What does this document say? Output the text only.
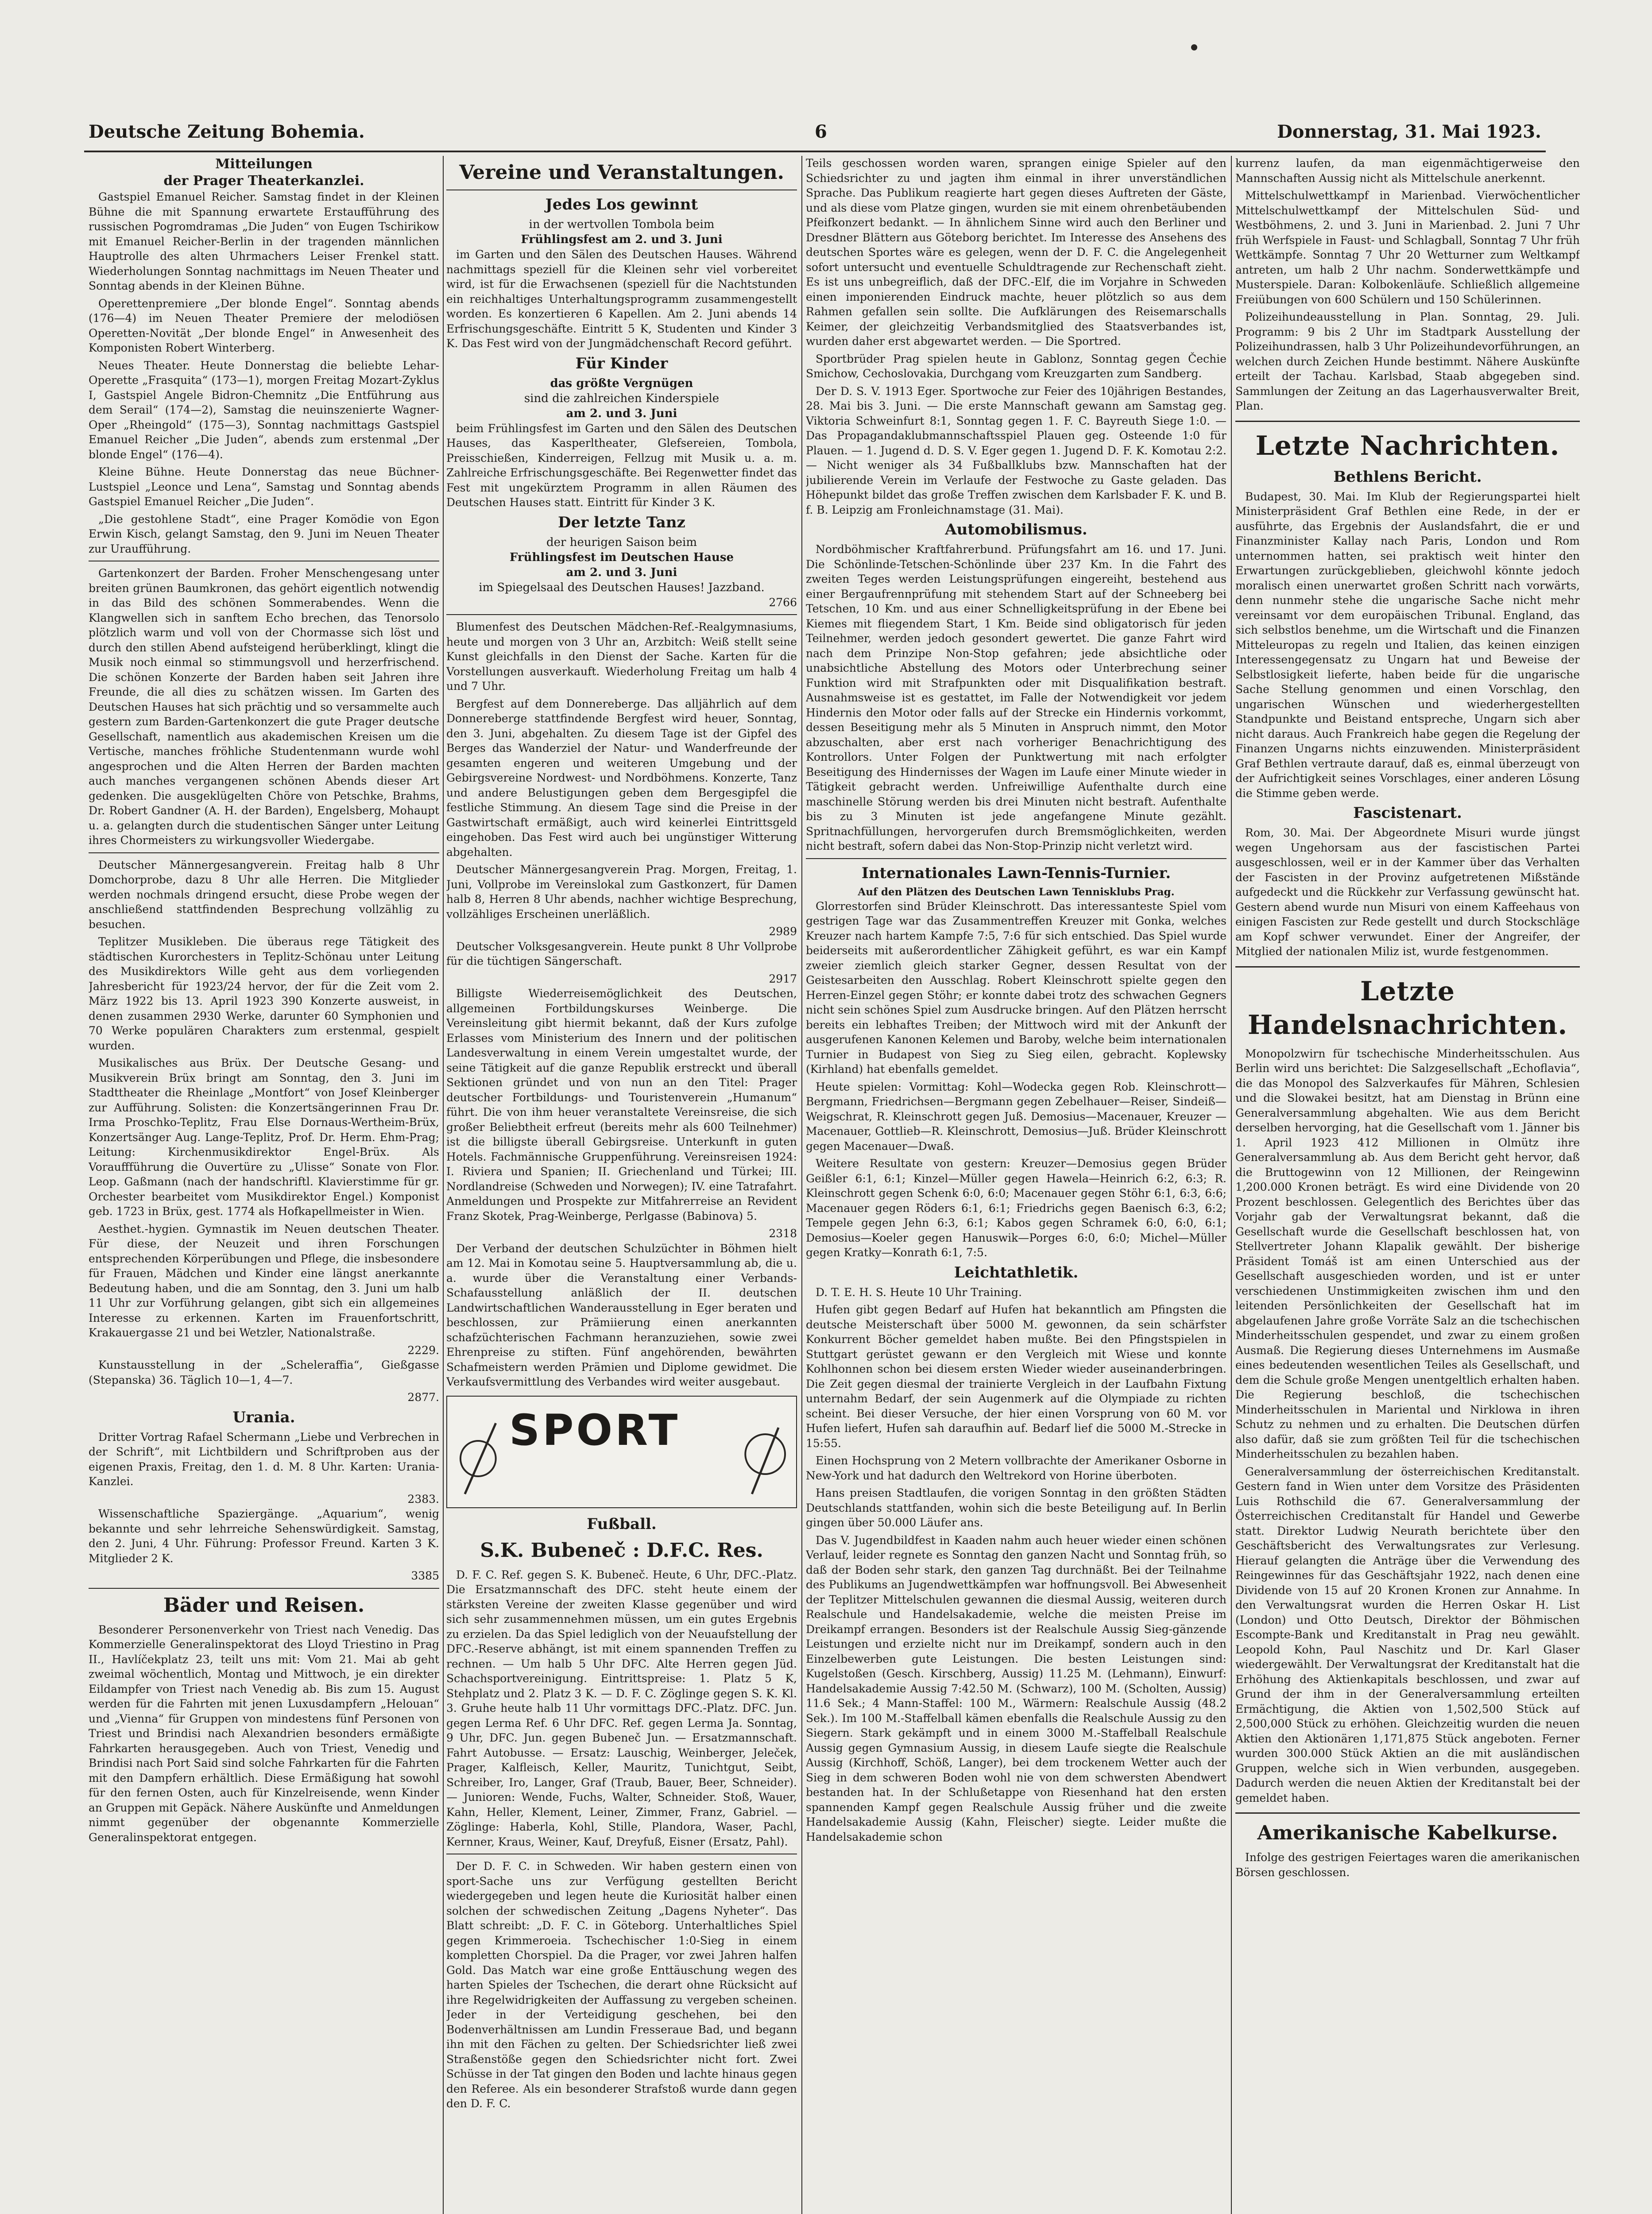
Deutsche Zeitung Bohemia.	6	Donnerstag, 31. Mai 1923.
Mitteilungen
der Prager Theaterkanzlei.

Gastspiel Emanuel Reicher. Samstag findet in der Kleinen Bühne die mit Spannung erwartete Erstaufführung des russischen Pogromdramas „Die Juden“ von Eugen Tschirikow mit Emanuel Reicher-Berlin in der tragenden männlichen Hauptrolle des alten Uhrmachers Leiser Frenkel statt. Wiederholungen Sonntag nachmittags im Neuen Theater und Sonntag abends in der Kleinen Bühne.

Operettenpremiere „Der blonde Engel“. Sonntag abends (176—4) im Neuen Theater Premiere der melodiösen Operetten-Novität „Der blonde Engel“ in Anwesenheit des Komponisten Robert Winterberg.

Neues Theater. Heute Donnerstag die beliebte Lehar-Operette „Frasquita“ (173—1), morgen Freitag Mozart-Zyklus I, Gastspiel Angele Bidron-Chemnitz „Die Entführung aus dem Serail“ (174—2), Samstag die neuinszenierte Wagner-Oper „Rheingold“ (175—3), Sonntag nachmittags Gastspiel Emanuel Reicher „Die Juden“, abends zum erstenmal „Der blonde Engel“ (176—4).

Kleine Bühne. Heute Donnerstag das neue Büchner-Lustspiel „Leonce und Lena“, Samstag und Sonntag abends Gastspiel Emanuel Reicher „Die Juden“.

„Die gestohlene Stadt“, eine Prager Komödie von Egon Erwin Kisch, gelangt Samstag, den 9. Juni im Neuen Theater zur Uraufführung.

Gartenkonzert der Barden. Froher Menschengesang unter breiten grünen Baumkronen, das gehört eigentlich notwendig in das Bild des schönen Sommerabendes. Wenn die Klangwellen sich in sanftem Echo brechen, das Tenorsolo plötzlich warm und voll von der Chormasse sich löst und durch den stillen Abend aufsteigend herüberklingt, klingt die Musik noch einmal so stimmungsvoll und herzerfrischend. Die schönen Konzerte der Barden haben seit Jahren ihre Freunde, die all dies zu schätzen wissen. Im Garten des Deutschen Hauses hat sich prächtig und so versammelte auch gestern zum Barden-Gartenkonzert die gute Prager deutsche Gesellschaft, namentlich aus akademischen Kreisen um die Vertische, manches fröhliche Studentenmann wurde wohl angesprochen und die Alten Herren der Barden machten auch manches vergangenen schönen Abends dieser Art gedenken. Die ausgeklügelten Chöre von Petschke, Brahms, Dr. Robert Gandner (A. H. der Barden), Engelsberg, Mohaupt u. a. gelangten durch die studentischen Sänger unter Leitung ihres Chormeisters zu wirkungsvoller Wiedergabe.

Deutscher Männergesangverein. Freitag halb 8 Uhr Domchorprobe, dazu 8 Uhr alle Herren. Die Mitglieder werden nochmals dringend ersucht, diese Probe wegen der anschließend stattfindenden Besprechung vollzählig zu besuchen.

Teplitzer Musikleben. Die überaus rege Tätigkeit des städtischen Kurorchesters in Teplitz-Schönau unter Leitung des Musikdirektors Wille geht aus dem vorliegenden Jahresbericht für 1923/24 hervor, der für die Zeit vom 2. März 1922 bis 13. April 1923 390 Konzerte ausweist, in denen zusammen 2930 Werke, darunter 60 Symphonien und 70 Werke populären Charakters zum erstenmal, gespielt wurden.

Musikalisches aus Brüx. Der Deutsche Gesang- und Musikverein Brüx bringt am Sonntag, den 3. Juni im Stadttheater die Rheinlage „Montfort“ von Josef Kleinberger zur Aufführung. Solisten: die Konzertsängerinnen Frau Dr. Irma Proschko-Teplitz, Frau Else Dornaus-Wertheim-Brüx, Konzertsänger Aug. Lange-Teplitz, Prof. Dr. Herm. Ehm-Prag; Leitung: Kirchenmusikdirektor Engel-Brüx. Als Vorauffführung die Ouvertüre zu „Ulisse“ Sonate von Flor. Leop. Gaßmann (nach der handschriftl. Klavierstimme für gr. Orchester bearbeitet vom Musikdirektor Engel.) Komponist geb. 1723 in Brüx, gest. 1774 als Hofkapellmeister in Wien.

Aesthet.-hygien. Gymnastik im Neuen deutschen Theater. Für diese, der Neuzeit und ihren Forschungen entsprechenden Körperübungen und Pflege, die insbesondere für Frauen, Mädchen und Kinder eine längst anerkannte Bedeutung haben, und die am Sonntag, den 3. Juni um halb 11 Uhr zur Vorführung gelangen, gibt sich ein allgemeines Interesse zu erkennen. Karten im Frauenfortschritt, Krakauergasse 21 und bei Wetzler, Nationalstraße.

2229.

Kunstausstellung in der „Scheleraffia“, Gießgasse (Stepanska) 36. Täglich 10—1, 4—7.

2877.
Urania.

Dritter Vortrag Rafael Schermann „Liebe und Verbrechen in der Schrift“, mit Lichtbildern und Schriftproben aus der eigenen Praxis, Freitag, den 1. d. M. 8 Uhr. Karten: Urania-Kanzlei.

2383.

Wissenschaftliche Spaziergänge. „Aquarium“, wenig bekannte und sehr lehrreiche Sehenswürdigkeit. Samstag, den 2. Juni, 4 Uhr. Führung: Professor Freund. Karten 3 K. Mitglieder 2 K.

3385
Bäder und Reisen.

Besonderer Personenverkehr von Triest nach Venedig. Das Kommerzielle Generalinspektorat des Lloyd Triestino in Prag II., Havlíčekplatz 23, teilt uns mit: Vom 21. Mai ab geht zweimal wöchentlich, Montag und Mittwoch, je ein direkter Eildampfer von Triest nach Venedig ab. Bis zum 15. August werden für die Fahrten mit jenen Luxusdampfern „Helouan“ und „Vienna“ für Gruppen von mindestens fünf Personen von Triest und Brindisi nach Alexandrien besonders ermäßigte Fahrkarten herausgegeben. Auch von Triest, Venedig und Brindisi nach Port Said sind solche Fahrkarten für die Fahrten mit den Dampfern erhältlich. Diese Ermäßigung hat sowohl für den fernen Osten, auch für Kinzelreisende, wenn Kinder an Gruppen mit Gepäck. Nähere Auskünfte und Anmeldungen nimmt gegenüber der obgenannte Kommerzielle Generalinspektorat entgegen.

Vereine und Veranstaltungen.
Jedes Los gewinnt
in der wertvollen Tombola beim
Frühlingsfest am 2. und 3. Juni

im Garten und den Sälen des Deutschen Hauses. Während nachmittags speziell für die Kleinen sehr viel vorbereitet wird, ist für die Erwachsenen (speziell für die Nachtstunden ein reichhaltiges Unterhaltungsprogramm zusammengestellt worden. Es konzertieren 6 Kapellen. Am 2. Juni abends 14 Erfrischungsgeschäfte. Eintritt 5 K, Studenten und Kinder 3 K. Das Fest wird von der Jungmädchenschaft Record geführt.

Für Kinder
das größte Vergnügen
sind die zahlreichen Kinderspiele
am 2. und 3. Juni

beim Frühlingsfest im Garten und den Sälen des Deutschen Hauses, das Kasperltheater, Glefsereien, Tombola, Preisschießen, Kinderreigen, Fellzug mit Musik u. a. m. Zahlreiche Erfrischungsgeschäfte. Bei Regenwetter findet das Fest mit ungekürztem Programm in allen Räumen des Deutschen Hauses statt. Eintritt für Kinder 3 K.

Der letzte Tanz
der heurigen Saison beim
Frühlingsfest im Deutschen Hause
am 2. und 3. Juni
im Spiegelsaal des Deutschen Hauses! Jazzband.
2766

Blumenfest des Deutschen Mädchen-Ref.-Realgymnasiums, heute und morgen von 3 Uhr an, Arzbitch: Weiß stellt seine Kunst gleichfalls in den Dienst der Sache. Karten für die Vorstellungen ausverkauft. Wiederholung Freitag um halb 4 und 7 Uhr.

Bergfest auf dem Donnereberge. Das alljährlich auf dem Donnereberge stattfindende Bergfest wird heuer, Sonntag, den 3. Juni, abgehalten. Zu diesem Tage ist der Gipfel des Berges das Wanderziel der Natur- und Wanderfreunde der gesamten engeren und weiteren Umgebung und der Gebirgsvereine Nordwest- und Nordböhmens. Konzerte, Tanz und andere Belustigungen geben dem Bergesgipfel die festliche Stimmung. An diesem Tage sind die Preise in der Gastwirtschaft ermäßigt, auch wird keinerlei Eintrittsgeld eingehoben. Das Fest wird auch bei ungünstiger Witterung abgehalten.

Deutscher Männergesangverein Prag. Morgen, Freitag, 1. Juni, Vollprobe im Vereinslokal zum Gastkonzert, für Damen halb 8, Herren 8 Uhr abends, nachher wichtige Besprechung, vollzähliges Erscheinen unerläßlich.

2989

Deutscher Volksgesangverein. Heute punkt 8 Uhr Vollprobe für die tüchtigen Sängerschaft.

2917

Billigste Wiederreisemöglichkeit des Deutschen, allgemeinen Fortbildungskurses Weinberge. Die Vereinsleitung gibt hiermit bekannt, daß der Kurs zufolge Erlasses vom Ministerium des Innern und der politischen Landesverwaltung in einem Verein umgestaltet wurde, der seine Tätigkeit auf die ganze Republik erstreckt und überall Sektionen gründet und von nun an den Titel: Prager deutscher Fortbildungs- und Touristenverein „Humanum“ führt. Die von ihm heuer veranstaltete Vereinsreise, die sich großer Beliebtheit erfreut (bereits mehr als 600 Teilnehmer) ist die billigste überall Gebirgsreise. Unterkunft in guten Hotels. Fachmännische Gruppenführung. Vereinsreisen 1924: I. Riviera und Spanien; II. Griechenland und Türkei; III. Nordlandreise (Schweden und Norwegen); IV. eine Tatrafahrt. Anmeldungen und Prospekte zur Mitfahrerreise an Revident Franz Skotek, Prag-Weinberge, Perlgasse (Babinova) 5.

2318

Der Verband der deutschen Schulzüchter in Böhmen hielt am 12. Mai in Komotau seine 5. Hauptversammlung ab, die u. a. wurde über die Veranstaltung einer Verbands-Schafausstellung anläßlich der II. deutschen Landwirtschaftlichen Wanderausstellung in Eger beraten und beschlossen, zur Prämiierung einen anerkannten schafzüchterischen Fachmann heranzuziehen, sowie zwei Ehrenpreise zu stiften. Fünf angehörenden, bewährten Schafmeistern werden Prämien und Diplome gewidmet. Die Verkaufsvermittlung des Verbandes wird weiter ausgebaut.

SPORT
Fußball.
S.K. Bubeneč : D.F.C. Res.

D. F. C. Ref. gegen S. K. Bubeneč. Heute, 6 Uhr, DFC.-Platz. Die Ersatzmannschaft des DFC. steht heute einem der stärksten Vereine der zweiten Klasse gegenüber und wird sich sehr zusammennehmen müssen, um ein gutes Ergebnis zu erzielen. Da das Spiel lediglich von der Neuaufstellung der DFC.-Reserve abhängt, ist mit einem spannenden Treffen zu rechnen. — Um halb 5 Uhr DFC. Alte Herren gegen Jüd. Schachsportvereinigung. Eintrittspreise: 1. Platz 5 K, Stehplatz und 2. Platz 3 K. — D. F. C. Zöglinge gegen S. K. Kl. 3. Gruhe heute halb 11 Uhr vormittags DFC.-Platz. DFC. Jun. gegen Lerma Ref. 6 Uhr DFC. Ref. gegen Lerma Ja. Sonntag, 9 Uhr, DFC. Jun. gegen Bubeneč Jun. — Ersatzmannschaft. Fahrt Autobusse. — Ersatz: Lauschig, Weinberger, Jeleček, Prager, Kalfleisch, Keller, Mauritz, Tunichtgut, Seibt, Schreiber, Iro, Langer, Graf (Traub, Bauer, Beer, Schneider). — Junioren: Wende, Fuchs, Walter, Schneider. Stoß, Wauer, Kahn, Heller, Klement, Leiner, Zimmer, Franz, Gabriel. — Zöglinge: Haberla, Kohl, Stille, Plandora, Waser, Pachl, Kernner, Kraus, Weiner, Kauf, Dreyfuß, Eisner (Ersatz, Pahl).

Der D. F. C. in Schweden. Wir haben gestern einen von sport-Sache uns zur Verfügung gestellten Bericht wiedergegeben und legen heute die Kuriosität halber einen solchen der schwedischen Zeitung „Dagens Nyheter“. Das Blatt schreibt: „D. F. C. in Göteborg. Unterhaltliches Spiel gegen Krimmeroeia. Tschechischer 1:0-Sieg in einem kompletten Chorspiel. Da die Prager, vor zwei Jahren halfen Gold. Das Match war eine große Enttäuschung wegen des harten Spieles der Tschechen, die derart ohne Rücksicht auf ihre Regelwidrigkeiten der Auffassung zu vergeben scheinen. Jeder in der Verteidigung geschehen, bei den Bodenverhältnissen am Lundin Fresseraue Bad, und begann ihn mit den Fächen zu gelten. Der Schiedsrichter ließ zwei Straßenstöße gegen den Schiedsrichter nicht fort. Zwei Schüsse in der Tat gingen den Boden und lachte hinaus gegen den Referee. Als ein besonderer Strafstoß wurde dann gegen den D. F. C.

Teils geschossen worden waren, sprangen einige Spieler auf den Schiedsrichter zu und jagten ihm einmal in ihrer unverständlichen Sprache. Das Publikum reagierte hart gegen dieses Auftreten der Gäste, und als diese vom Platze gingen, wurden sie mit einem ohrenbetäubenden Pfeifkonzert bedankt. — In ähnlichem Sinne wird auch den Berliner und Dresdner Blättern aus Göteborg berichtet. Im Interesse des Ansehens des deutschen Sportes wäre es gelegen, wenn der D. F. C. die Angelegenheit sofort untersucht und eventuelle Schuldtragende zur Rechenschaft zieht. Es ist uns unbegreiflich, daß der DFC.-Elf, die im Vorjahre in Schweden einen imponierenden Eindruck machte, heuer plötzlich so aus dem Rahmen gefallen sein sollte. Die Aufklärungen des Reisemarschalls Keimer, der gleichzeitig Verbandsmitglied des Staatsverbandes ist, wurden daher erst abgewartet werden. — Die Sportred.

Sportbrüder Prag spielen heute in Gablonz, Sonntag gegen Čechie Smichow, Cechoslovakia, Durchgang vom Kreuzgarten zum Sandberg.

Der D. S. V. 1913 Eger. Sportwoche zur Feier des 10jährigen Bestandes, 28. Mai bis 3. Juni. — Die erste Mannschaft gewann am Samstag geg. Viktoria Schweinfurt 8:1, Sonntag gegen 1. F. C. Bayreuth Siege 1:0. — Das Propagandaklubmannschaftsspiel Plauen geg. Osteende 1:0 für Plauen. — 1. Jugend d. D. S. V. Eger gegen 1. Jugend D. F. K. Komotau 2:2. — Nicht weniger als 34 Fußballklubs bzw. Mannschaften hat der jubilierende Verein im Verlaufe der Festwoche zu Gaste geladen. Das Höhepunkt bildet das große Treffen zwischen dem Karlsbader F. K. und B. f. B. Leipzig am Fronleichnamstage (31. Mai).

Automobilismus.

Nordböhmischer Kraftfahrerbund. Prüfungsfahrt am 16. und 17. Juni. Die Schönlinde-Tetschen-Schönlinde über 237 Km. In die Fahrt des zweiten Teges werden Leistungsprüfungen eingereiht, bestehend aus einer Bergaufrennprüfung mit stehendem Start auf der Schneeberg bei Tetschen, 10 Km. und aus einer Schnelligkeitsprüfung in der Ebene bei Kiemes mit fliegendem Start, 1 Km. Beide sind obligatorisch für jeden Teilnehmer, werden jedoch gesondert gewertet. Die ganze Fahrt wird nach dem Prinzipe Non-Stop gefahren; jede absichtliche oder unabsichtliche Abstellung des Motors oder Unterbrechung seiner Funktion wird mit Strafpunkten oder mit Disqualifikation bestraft. Ausnahmsweise ist es gestattet, im Falle der Notwendigkeit vor jedem Hindernis den Motor oder falls auf der Strecke ein Hindernis vorkommt, dessen Beseitigung mehr als 5 Minuten in Anspruch nimmt, den Motor abzuschalten, aber erst nach vorheriger Benachrichtigung des Kontrollors. Unter Folgen der Punktwertung mit nach erfolgter Beseitigung des Hindernisses der Wagen im Laufe einer Minute wieder in Tätigkeit gebracht werden. Unfreiwillige Aufenthalte durch eine maschinelle Störung werden bis drei Minuten nicht bestraft. Aufenthalte bis zu 3 Minuten ist jede angefangene Minute gezählt. Spritnachfüllungen, hervorgerufen durch Bremsmöglichkeiten, werden nicht bestraft, sofern dabei das Non-Stop-Prinzip nicht verletzt wird.

Internationales Lawn-Tennis-Turnier.
Auf den Plätzen des Deutschen Lawn Tennisklubs Prag.

Glorrestorfen sind Brüder Kleinschrott. Das interessanteste Spiel vom gestrigen Tage war das Zusammentreffen Kreuzer mit Gonka, welches Kreuzer nach hartem Kampfe 7:5, 7:6 für sich entschied. Das Spiel wurde beiderseits mit außerordentlicher Zähigkeit geführt, es war ein Kampf zweier ziemlich gleich starker Gegner, dessen Resultat von der Geistesarbeiten den Ausschlag. Robert Kleinschrott spielte gegen den Herren-Einzel gegen Stöhr; er konnte dabei trotz des schwachen Gegners nicht sein schönes Spiel zum Ausdrucke bringen. Auf den Plätzen herrscht bereits ein lebhaftes Treiben; der Mittwoch wird mit der Ankunft der ausgerufenen Kanonen Kelemen und Baroby, welche beim internationalen Turnier in Budapest von Sieg zu Sieg eilen, gebracht. Koplewsky (Kirhland) hat ebenfalls gemeldet.

Heute spielen: Vormittag: Kohl—Wodecka gegen Rob. Kleinschrott—Bergmann, Friedrichsen—Bergmann gegen Zebelhauer—Reiser, Sindeiß—Weigschrat, R. Kleinschrott gegen Juß. Demosius—Macenauer, Kreuzer —Macenauer, Gottlieb—R. Kleinschrott, Demosius—Juß. Brüder Kleinschrott gegen Macenauer—Dwaß.

Weitere Resultate von gestern: Kreuzer—Demosius gegen Brüder Geißler 6:1, 6:1; Kinzel—Müller gegen Hawela—Heinrich 6:2, 6:3; R. Kleinschrott gegen Schenk 6:0, 6:0; Macenauer gegen Stöhr 6:1, 6:3, 6:6; Macenauer gegen Röders 6:1, 6:1; Friedrichs gegen Baenisch 6:3, 6:2; Tempele gegen Jehn 6:3, 6:1; Kabos gegen Schramek 6:0, 6:0, 6:1; Demosius—Koeler gegen Hanuswik—Porges 6:0, 6:0; Michel—Müller gegen Kratky—Konrath 6:1, 7:5.

Leichtathletik.

D. T. E. H. S. Heute 10 Uhr Training.

Hufen gibt gegen Bedarf auf Hufen hat bekanntlich am Pfingsten die deutsche Meisterschaft über 5000 M. gewonnen, da sein schärfster Konkurrent Böcher gemeldet haben mußte. Bei den Pfingstspielen in Stuttgart gerüstet gewann er den Vergleich mit Wiese und konnte Kohlhonnen schon bei diesem ersten Wieder wieder auseinanderbringen. Die Zeit gegen diesmal der trainierte Vergleich in der Laufbahn Fixtung unternahm Bedarf, der sein Augenmerk auf die Olympiade zu richten scheint. Bei dieser Versuche, der hier einen Vorsprung von 60 M. vor Hufen liefert, Hufen sah daraufhin auf. Bedarf lief die 5000 M.-Strecke in 15:55.

Einen Hochsprung von 2 Metern vollbrachte der Amerikaner Osborne in New-York und hat dadurch den Weltrekord von Horine überboten.

Hans preisen Stadtlaufen, die vorigen Sonntag in den größten Städten Deutschlands stattfanden, wohin sich die beste Beteiligung auf. In Berlin gingen über 50.000 Läufer ans.

Das V. Jugendbildfest in Kaaden nahm auch heuer wieder einen schönen Verlauf, leider regnete es Sonntag den ganzen Nacht und Sonntag früh, so daß der Boden sehr stark, den ganzen Tag durchnäßt. Bei der Teilnahme des Publikums an Jugendwettkämpfen war hoffnungsvoll. Bei Abwesenheit der Teplitzer Mittelschulen gewannen die diesmal Aussig, weiteren durch Realschule und Handelsakademie, welche die meisten Preise im Dreikampf errangen. Besonders ist der Realschule Aussig Sieg-gänzende Leistungen und erzielte nicht nur im Dreikampf, sondern auch in den Einzelbewerben gute Leistungen. Die besten Leistungen sind: Kugelstoßen (Gesch. Kirschberg, Aussig) 11.25 M. (Lehmann), Einwurf: Handelsakademie Aussig 7:42.50 M. (Schwarz), 100 M. (Scholten, Aussig) 11.6 Sek.; 4 Mann-Staffel: 100 M., Wärmern: Realschule Aussig (48.2 Sek.). Im 100 M.-Staffelball kämen ebenfalls die Realschule Aussig zu den Siegern. Stark gekämpft und in einem 3000 M.-Staffelball Realschule Aussig gegen Gymnasium Aussig, in diesem Laufe siegte die Realschule Aussig (Kirchhoff, Schöß, Langer), bei dem trockenem Wetter auch der Sieg in dem schweren Boden wohl nie von dem schwersten Abendwert bestanden hat. In der Schlußetappe von Riesenhand hat den ersten spannenden Kampf gegen Realschule Aussig früher und die zweite Handelsakademie Aussig (Kahn, Fleischer) siegte. Leider mußte die Handelsakademie schon

kurrenz laufen, da man eigenmächtigerweise den Mannschaften Aussig nicht als Mittelschule anerkennt.

Mittelschulwettkampf in Marienbad. Vierwöchentlicher Mittelschulwettkampf der Mittelschulen Süd- und Westböhmens, 2. und 3. Juni in Marienbad. 2. Juni 7 Uhr früh Werfspiele in Faust- und Schlagball, Sonntag 7 Uhr früh Wettkämpfe. Sonntag 7 Uhr 20 Wetturner zum Weltkampf antreten, um halb 2 Uhr nachm. Sonderwettkämpfe und Musterspiele. Daran: Kolbokenläufe. Schließlich allgemeine Freiübungen von 600 Schülern und 150 Schülerinnen.

Polizeihundeausstellung in Plan. Sonntag, 29. Juli. Programm: 9 bis 2 Uhr im Stadtpark Ausstellung der Polizeihundrassen, halb 3 Uhr Polizeihundevorführungen, an welchen durch Zeichen Hunde bestimmt. Nähere Auskünfte erteilt der Tachau. Karlsbad, Staab abgegeben sind. Sammlungen der Zeitung an das Lagerhausverwalter Breit, Plan.

Letzte Nachrichten.
Bethlens Bericht.

Budapest, 30. Mai. Im Klub der Regierungspartei hielt Ministerpräsident Graf Bethlen eine Rede, in der er ausführte, das Ergebnis der Auslandsfahrt, die er und Finanzminister Kallay nach Paris, London und Rom unternommen hatten, sei praktisch weit hinter den Erwartungen zurückgeblieben, gleichwohl könnte jedoch moralisch einen unerwartet großen Schritt nach vorwärts, denn nunmehr stehe die ungarische Sache nicht mehr vereinsamt vor dem europäischen Tribunal. England, das sich selbstlos benehme, um die Wirtschaft und die Finanzen Mitteleuropas zu regeln und Italien, das keinen einzigen Interessengegensatz zu Ungarn hat und Beweise der Selbstlosigkeit lieferte, haben beide für die ungarische Sache Stellung genommen und einen Vorschlag, den ungarischen Wünschen und wiederhergestellten Standpunkte und Beistand entspreche, Ungarn sich aber nicht daraus. Auch Frankreich habe gegen die Regelung der Finanzen Ungarns nichts einzuwenden. Ministerpräsident Graf Bethlen vertraute darauf, daß es, einmal überzeugt von der Aufrichtigkeit seines Vorschlages, einer anderen Lösung die Stimme geben werde.

Fascistenart.

Rom, 30. Mai. Der Abgeordnete Misuri wurde jüngst wegen Ungehorsam aus der fascistischen Partei ausgeschlossen, weil er in der Kammer über das Verhalten der Fascisten in der Provinz aufgetretenen Mißstände aufgedeckt und die Rückkehr zur Verfassung gewünscht hat. Gestern abend wurde nun Misuri von einem Kaffeehaus von einigen Fascisten zur Rede gestellt und durch Stockschläge am Kopf schwer verwundet. Einer der Angreifer, der Mitglied der nationalen Miliz ist, wurde festgenommen.

Letzte Handelsnachrichten.

Monopolzwirn für tschechische Minderheitsschulen. Aus Berlin wird uns berichtet: Die Salzgesellschaft „Echoflavia“, die das Monopol des Salzverkaufes für Mähren, Schlesien und die Slowakei besitzt, hat am Dienstag in Brünn eine Generalversammlung abgehalten. Wie aus dem Bericht derselben hervorging, hat die Gesellschaft vom 1. Jänner bis 1. April 1923 412 Millionen in Olmütz ihre Generalversammlung ab. Aus dem Bericht geht hervor, daß die Bruttogewinn von 12 Millionen, der Reingewinn 1,200.000 Kronen beträgt. Es wird eine Dividende von 20 Prozent beschlossen. Gelegentlich des Berichtes über das Vorjahr gab der Verwaltungsrat bekannt, daß die Gesellschaft wurde die Gesellschaft beschlossen hat, von Stellvertreter Johann Klapalik gewählt. Der bisherige Präsident Tomáš ist am einen Unterschied aus der Gesellschaft ausgeschieden worden, und ist er unter verschiedenen Unstimmigkeiten zwischen ihm und den leitenden Persönlichkeiten der Gesellschaft hat im abgelaufenen Jahre große Vorräte Salz an die tschechischen Minderheitsschulen gespendet, und zwar zu einem großen Ausmaß. Die Regierung dieses Unternehmens im Ausmaße eines bedeutenden wesentlichen Teiles als Gesellschaft, und dem die Schule große Mengen unentgeltlich erhalten haben. Die Regierung beschloß, die tschechischen Minderheitsschulen in Mariental und Nirklowa in ihren Schutz zu nehmen und zu erhalten. Die Deutschen dürfen also dafür, daß sie zum größten Teil für die tschechischen Minderheitsschulen zu bezahlen haben.

Generalversammlung der österreichischen Kreditanstalt. Gestern fand in Wien unter dem Vorsitze des Präsidenten Luis Rothschild die 67. Generalversammlung der Österreichischen Creditanstalt für Handel und Gewerbe statt. Direktor Ludwig Neurath berichtete über den Geschäftsbericht des Verwaltungsrates zur Verlesung. Hierauf gelangten die Anträge über die Verwendung des Reingewinnes für das Geschäftsjahr 1922, nach denen eine Dividende von 15 auf 20 Kronen Kronen zur Annahme. In den Verwaltungsrat wurden die Herren Oskar H. List (London) und Otto Deutsch, Direktor der Böhmischen Escompte-Bank und Kreditanstalt in Prag neu gewählt. Leopold Kohn, Paul Naschitz und Dr. Karl Glaser wiedergewählt. Der Verwaltungsrat der Kreditanstalt hat die Erhöhung des Aktienkapitals beschlossen, und zwar auf Grund der ihm in der Generalversammlung erteilten Ermächtigung, die Aktien von 1,502,500 Stück auf 2,500,000 Stück zu erhöhen. Gleichzeitig wurden die neuen Aktien den Aktionären 1,171,875 Stück angeboten. Ferner wurden 300.000 Stück Aktien an die mit ausländischen Gruppen, welche sich in Wien verbunden, ausgegeben. Dadurch werden die neuen Aktien der Kreditanstalt bei der gemeldet haben.

Amerikanische Kabelkurse.

Infolge des gestrigen Feiertages waren die amerikanischen Börsen geschlossen.
